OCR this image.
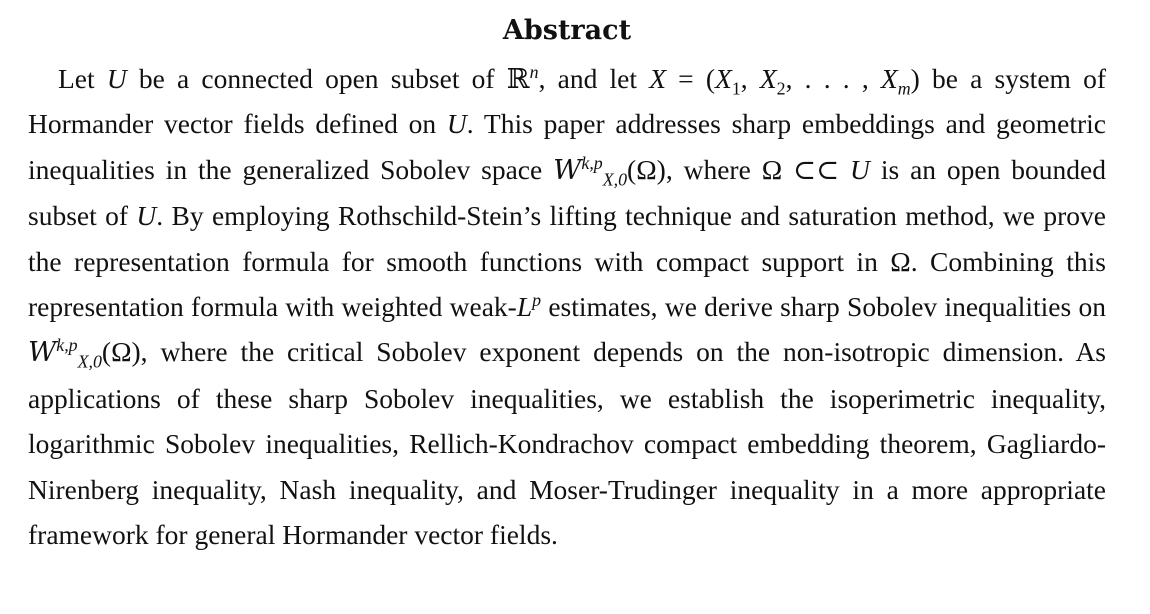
Abstract

Let U be a connected open subset of ℝ$^n$, and let $X = (X_1$, $X_2$, . . . , $X_m$) be a system of Hormander vector fields defined on U. This paper addresses sharp embeddings and geometric inequalities in the generalized Sobolev space W$^{k,p}_{X,0}$(Ω), where Ω ⊂⊂ U is an open bounded subset of U. By employing Rothschild-Stein’s lifting technique and saturation method, we prove the representation formula for smooth functions with compact support in Ω. Combining this representation formula with weighted weak-$L^p$ estimates, we derive sharp Sobolev inequalities on W$^{k,p}_{X,0}$(Ω), where the critical Sobolev exponent depends on the non-isotropic dimension. As applications of these sharp Sobolev inequalities, we establish the isoperimetric inequality, logarithmic Sobolev inequalities, Rellich-Kondrachov compact embedding theorem, Gagliardo-Nirenberg inequality, Nash inequality, and Moser-Trudinger inequality in a more appropriate framework for general Hormander vector fields.
